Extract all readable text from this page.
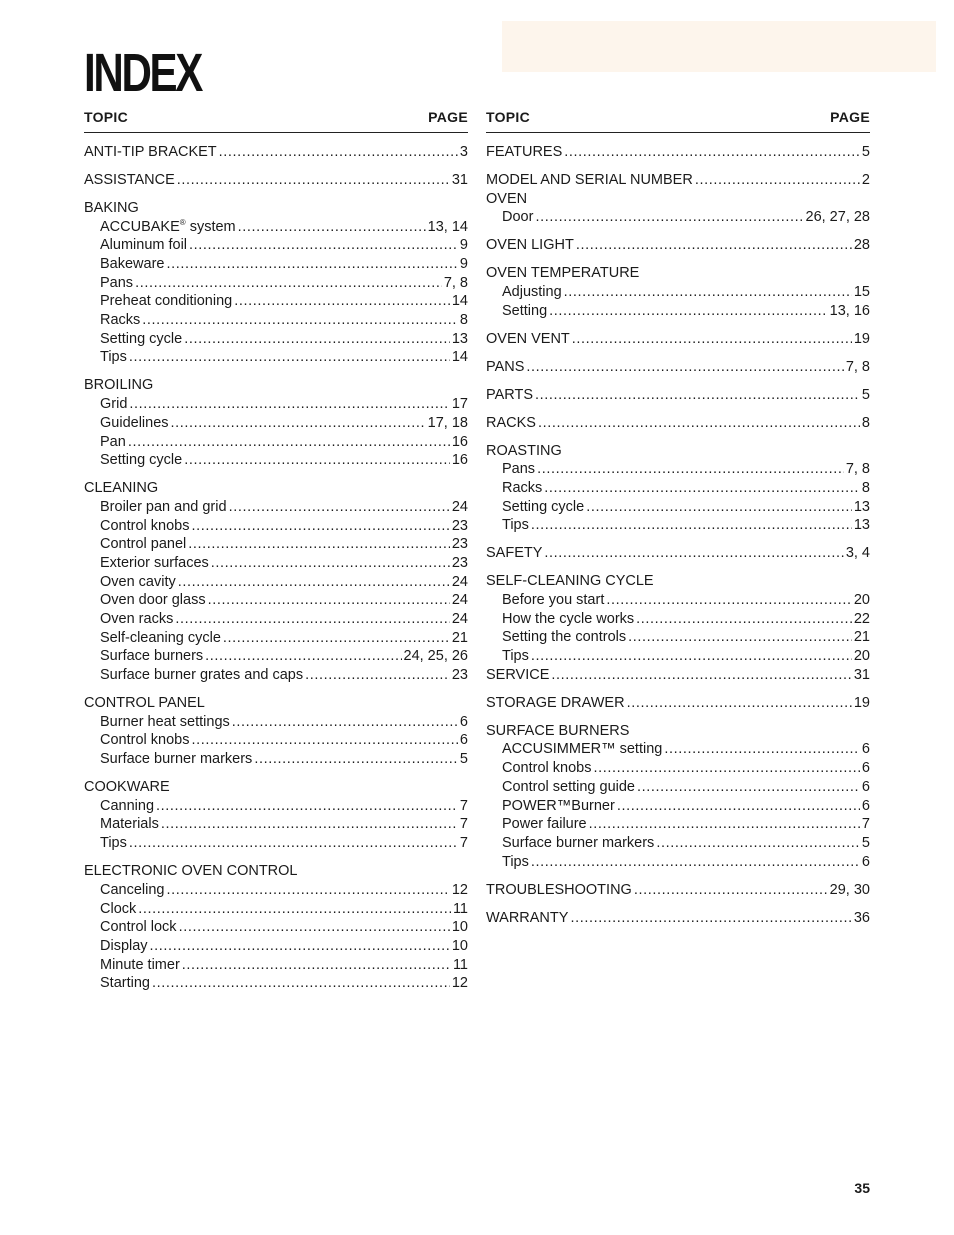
INDEX
TOPIC	PAGE
ANTI-TIP BRACKET .....	3
ASSISTANCE .....	31
BAKING
ACCUBAKE® system .....	13, 14
Aluminum foil .....	9
Bakeware .....	9
Pans .....	7, 8
Preheat conditioning .....	14
Racks .....	8
Setting cycle .....	13
Tips .....	14
BROILING
Grid .....	17
Guidelines .....	17, 18
Pan .....	16
Setting cycle .....	16
CLEANING
Broiler pan and grid .....	24
Control knobs .....	23
Control panel .....	23
Exterior surfaces .....	23
Oven cavity .....	24
Oven door glass .....	24
Oven racks .....	24
Self-cleaning cycle .....	21
Surface burners .....	24, 25, 26
Surface burner grates and caps .....	23
CONTROL PANEL
Burner heat settings .....	6
Control knobs .....	6
Surface burner markers .....	5
COOKWARE
Canning .....	7
Materials .....	7
Tips .....	7
ELECTRONIC OVEN CONTROL
Canceling .....	12
Clock .....	11
Control lock .....	10
Display .....	10
Minute timer .....	11
Starting .....	12
TOPIC	PAGE
FEATURES .....	5
MODEL AND SERIAL NUMBER .....	2
OVEN
Door .....	26, 27, 28
OVEN LIGHT .....	28
OVEN TEMPERATURE
Adjusting .....	15
Setting .....	13, 16
OVEN VENT .....	19
PANS .....	7, 8
PARTS .....	5
RACKS .....	8
ROASTING
Pans .....	7, 8
Racks .....	8
Setting cycle .....	13
Tips .....	13
SAFETY .....	3, 4
SELF-CLEANING CYCLE
Before you start .....	20
How the cycle works .....	22
Setting the controls .....	21
Tips .....	20
SERVICE .....	31
STORAGE DRAWER .....	19
SURFACE BURNERS
ACCUSIMMER™ setting .....	6
Control knobs .....	6
Control setting guide .....	6
POWER™Burner .....	6
Power failure .....	7
Surface burner markers .....	5
Tips .....	6
TROUBLESHOOTING .....	29, 30
WARRANTY .....	36
35
